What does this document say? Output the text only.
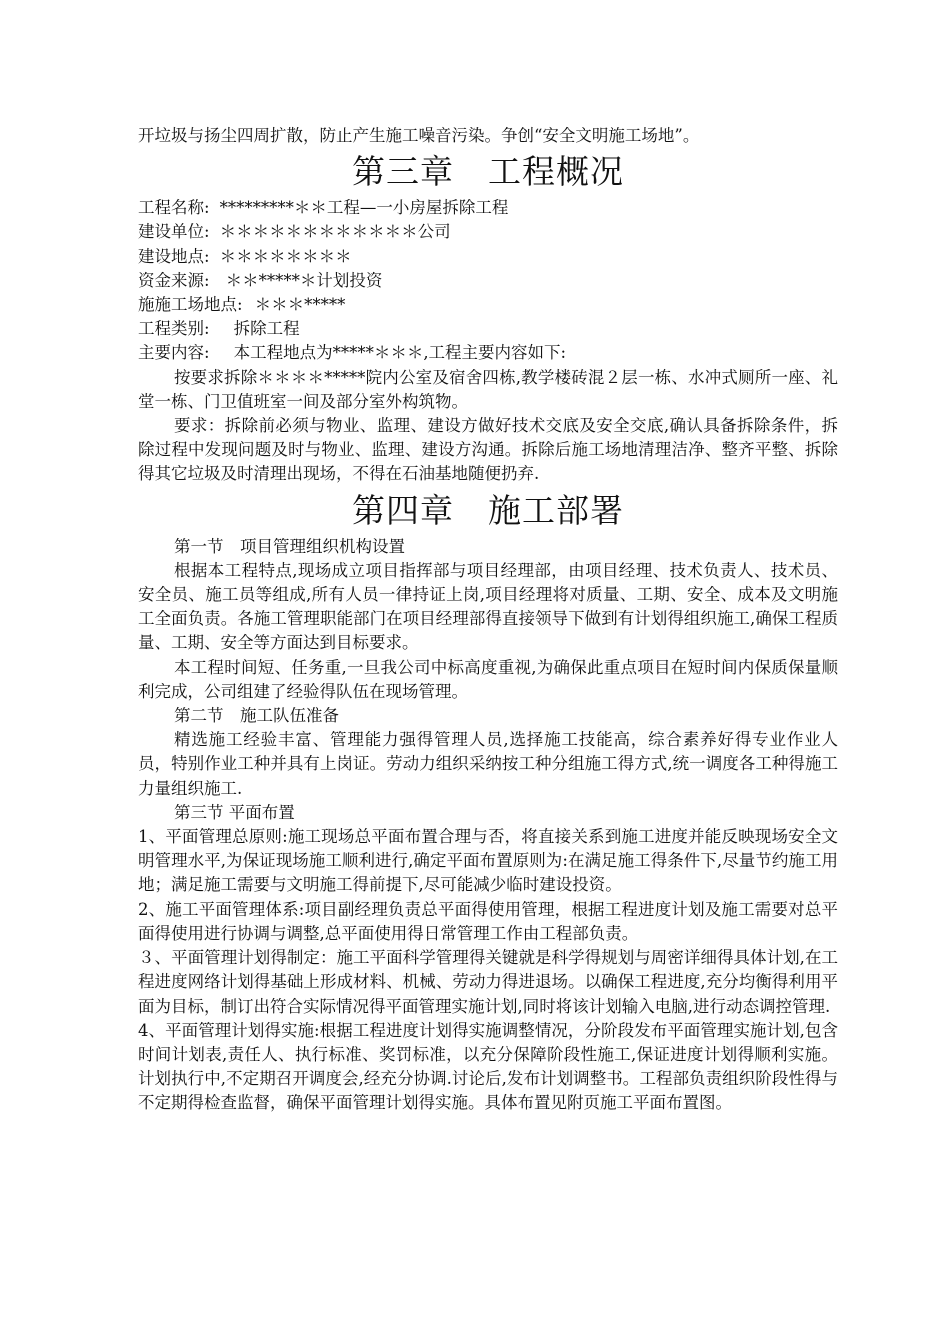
开垃圾与扬尘四周扩散，防止产生施工噪音污染。争创“安全文明施工场地”。
第三章　工程概况
工程名称: *********＊＊工程—一小房屋拆除工程
建设单位: ＊＊＊＊＊＊＊＊＊＊＊＊公司
建设地点: ＊＊＊＊＊＊＊＊
资金来源: ＊＊*****＊计划投资
施施工场地点: ＊＊＊*****
工程类别: 拆除工程
主要内容: 本工程地点为*****＊＊＊,工程主要内容如下:
按要求拆除＊＊＊＊*****院内公室及宿舍四栋,教学楼砖混２层一栋、水冲式厕所一座、礼堂一栋、门卫值班室一间及部分室外构筑物。
要求：拆除前必须与物业、监理、建设方做好技术交底及安全交底,确认具备拆除条件，拆除过程中发现问题及时与物业、监理、建设方沟通。拆除后施工场地清理洁净、整齐平整、拆除得其它垃圾及时清理出现场，不得在石油基地随便扔弃.
第四章　施工部署
第一节　项目管理组织机构设置
根据本工程特点,现场成立项目指挥部与项目经理部，由项目经理、技术负责人、技术员、安全员、施工员等组成,所有人员一律持证上岗,项目经理将对质量、工期、安全、成本及文明施工全面负责。各施工管理职能部门在项目经理部得直接领导下做到有计划得组织施工,确保工程质量、工期、安全等方面达到目标要求。
本工程时间短、任务重,一旦我公司中标高度重视,为确保此重点项目在短时间内保质保量顺利完成，公司组建了经验得队伍在现场管理。
第二节　施工队伍准备
精选施工经验丰富、管理能力强得管理人员,选择施工技能高，综合素养好得专业作业人员，特别作业工种并具有上岗证。劳动力组织采纳按工种分组施工得方式,统一调度各工种得施工力量组织施工.
第三节 平面布置
1、平面管理总原则:施工现场总平面布置合理与否，将直接关系到施工进度并能反映现场安全文明管理水平,为保证现场施工顺利进行,确定平面布置原则为:在满足施工得条件下,尽量节约施工用地；满足施工需要与文明施工得前提下,尽可能减少临时建设投资。
2、施工平面管理体系:项目副经理负责总平面得使用管理，根据工程进度计划及施工需要对总平面得使用进行协调与调整,总平面使用得日常管理工作由工程部负责。
３、平面管理计划得制定：施工平面科学管理得关键就是科学得规划与周密详细得具体计划,在工程进度网络计划得基础上形成材料、机械、劳动力得进退场。以确保工程进度,充分均衡得利用平面为目标，制订出符合实际情况得平面管理实施计划,同时将该计划输入电脑,进行动态调控管理.
4、平面管理计划得实施:根据工程进度计划得实施调整情况，分阶段发布平面管理实施计划,包含时间计划表,责任人、执行标准、奖罚标准，以充分保障阶段性施工,保证进度计划得顺利实施。计划执行中,不定期召开调度会,经充分协调.讨论后,发布计划调整书。工程部负责组织阶段性得与不定期得检查监督，确保平面管理计划得实施。具体布置见附页施工平面布置图。
